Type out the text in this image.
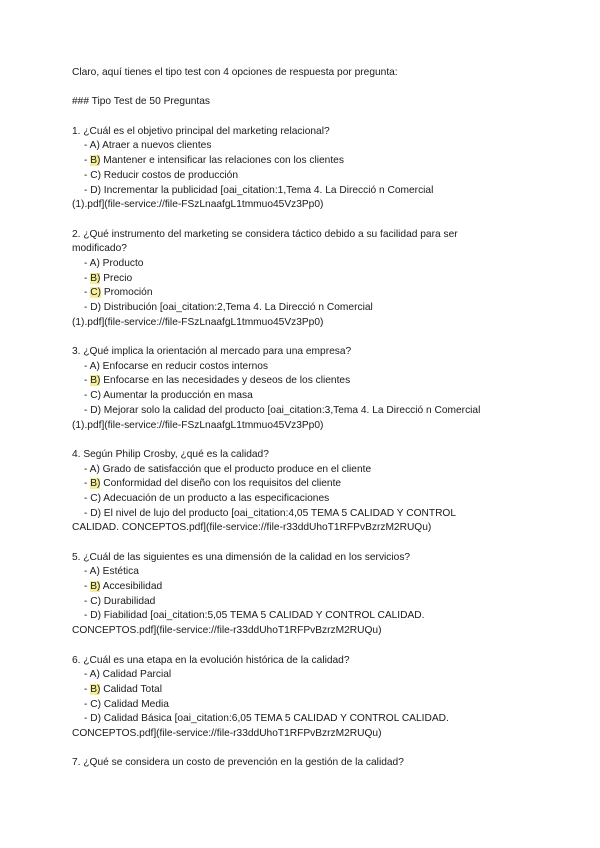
Claro, aquí tienes el tipo test con 4 opciones de respuesta por pregunta:
### Tipo Test de 50 Preguntas
1. ¿Cuál es el objetivo principal del marketing relacional?
- A) Atraer a nuevos clientes
- B) Mantener e intensificar las relaciones con los clientes
- C) Reducir costos de producción
- D) Incrementar la publicidad [oai_citation:1,Tema 4. La Direcció n Comercial
(1).pdf](file-service://file-FSzLnaafgL1tmmuo45Vz3Pp0)
2. ¿Qué instrumento del marketing se considera táctico debido a su facilidad para ser
modificado?
- A) Producto
- B) Precio
- C) Promoción
- D) Distribución [oai_citation:2,Tema 4. La Direcció n Comercial
(1).pdf](file-service://file-FSzLnaafgL1tmmuo45Vz3Pp0)
3. ¿Qué implica la orientación al mercado para una empresa?
- A) Enfocarse en reducir costos internos
- B) Enfocarse en las necesidades y deseos de los clientes
- C) Aumentar la producción en masa
- D) Mejorar solo la calidad del producto [oai_citation:3,Tema 4. La Direcció n Comercial
(1).pdf](file-service://file-FSzLnaafgL1tmmuo45Vz3Pp0)
4. Según Philip Crosby, ¿qué es la calidad?
- A) Grado de satisfacción que el producto produce en el cliente
- B) Conformidad del diseño con los requisitos del cliente
- C) Adecuación de un producto a las especificaciones
- D) El nivel de lujo del producto [oai_citation:4,05 TEMA 5 CALIDAD Y CONTROL
CALIDAD. CONCEPTOS.pdf](file-service://file-r33ddUhoT1RFPvBzrzM2RUQu)
5. ¿Cuál de las siguientes es una dimensión de la calidad en los servicios?
- A) Estética
- B) Accesibilidad
- C) Durabilidad
- D) Fiabilidad [oai_citation:5,05 TEMA 5 CALIDAD Y CONTROL CALIDAD.
CONCEPTOS.pdf](file-service://file-r33ddUhoT1RFPvBzrzM2RUQu)
6. ¿Cuál es una etapa en la evolución histórica de la calidad?
- A) Calidad Parcial
- B) Calidad Total
- C) Calidad Media
- D) Calidad Básica [oai_citation:6,05 TEMA 5 CALIDAD Y CONTROL CALIDAD.
CONCEPTOS.pdf](file-service://file-r33ddUhoT1RFPvBzrzM2RUQu)
7. ¿Qué se considera un costo de prevención en la gestión de la calidad?
